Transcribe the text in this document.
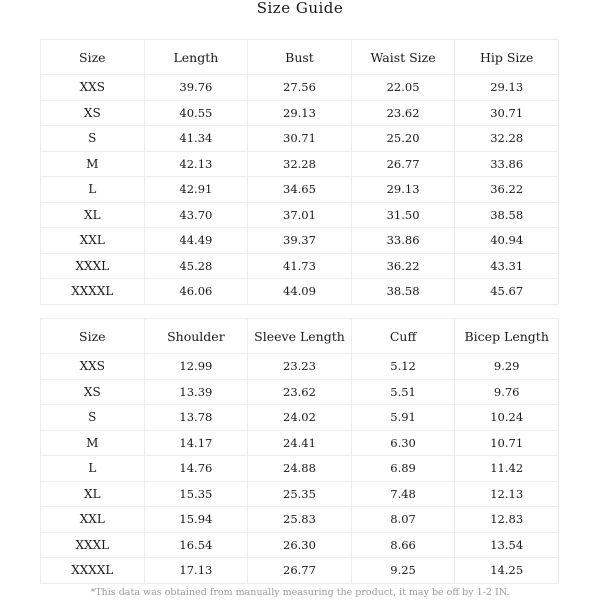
Size Guide
Size	Length	Bust	Waist Size	Hip Size
XXS	39.76	27.56	22.05	29.13
XS	40.55	29.13	23.62	30.71
S	41.34	30.71	25.20	32.28
M	42.13	32.28	26.77	33.86
L	42.91	34.65	29.13	36.22
XL	43.70	37.01	31.50	38.58
XXL	44.49	39.37	33.86	40.94
XXXL	45.28	41.73	36.22	43.31
XXXXL	46.06	44.09	38.58	45.67
Size	Shoulder	Sleeve Length	Cuff	Bicep Length
XXS	12.99	23.23	5.12	9.29
XS	13.39	23.62	5.51	9.76
S	13.78	24.02	5.91	10.24
M	14.17	24.41	6.30	10.71
L	14.76	24.88	6.89	11.42
XL	15.35	25.35	7.48	12.13
XXL	15.94	25.83	8.07	12.83
XXXL	16.54	26.30	8.66	13.54
XXXXL	17.13	26.77	9.25	14.25
*This data was obtained from manually measuring the product, it may be off by 1-2 IN.
